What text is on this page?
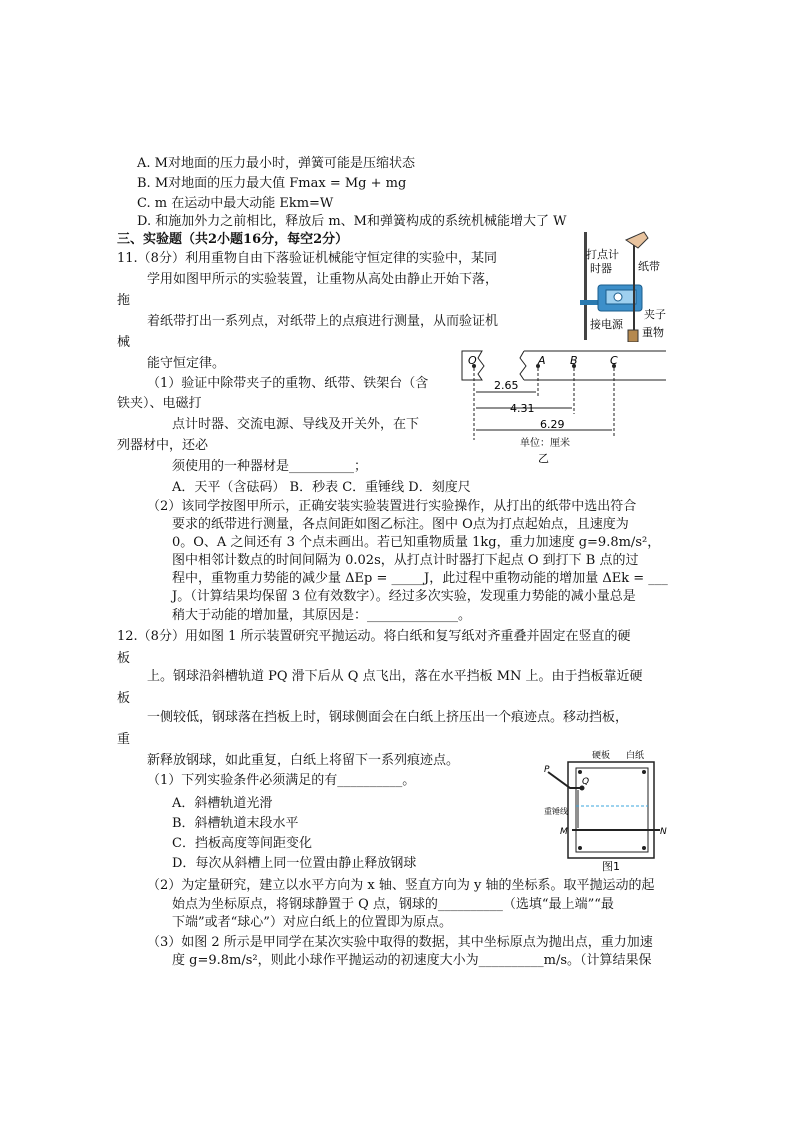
A. M对地面的压力最小时，弹簧可能是压缩状态
B. M对地面的压力最大值 Fmax = Mg + mg
C. m 在运动中最大动能 Ekm=W
D. 和施加外力之前相比，释放后 m、M和弹簧构成的系统机械能增大了 W
三、实验题（共2小题16分，每空2分）
11.（8分）利用重物自由下落验证机械能守恒定律的实验中，某同
学用如图甲所示的实验装置，让重物从高处由静止开始下落，
拖
着纸带打出一系列点，对纸带上的点痕进行测量，从而验证机
械
能守恒定律。
（1）验证中除带夹子的重物、纸带、铁架台（含
铁夹）、电磁打
点计时器、交流电源、导线及开关外，在下
列器材中，还必
须使用的一种器材是__________；
A．天平（含砝码） B．秒表 C．重锤线 D．刻度尺
（2）该同学按图甲所示，正确安装实验装置进行实验操作，从打出的纸带中选出符合
要求的纸带进行测量，各点间距如图乙标注。图中 O点为打点起始点，且速度为
0。O、A 之间还有 3 个点未画出。若已知重物质量 1kg，重力加速度 g=9.8m/s²，
图中相邻计数点的时间间隔为 0.02s，从打点计时器打下起点 O 到打下 B 点的过
程中，重物重力势能的减少量 ΔEp = _____J，此过程中重物动能的增加量 ΔEk = ___
J。（计算结果均保留 3 位有效数字）。经过多次实验，发现重力势能的减小量总是
稍大于动能的增加量，其原因是：______________。
打点计
时器 纸带
夹子
接电源
重物
O	A B	C
2.65
4.31
6.29
单位：厘米
乙
12.（8分）用如图 1 所示装置研究平抛运动。将白纸和复写纸对齐重叠并固定在竖直的硬
板
上。钢球沿斜槽轨道 PQ 滑下后从 Q 点飞出，落在水平挡板 MN 上。由于挡板靠近硬
板
一侧较低，钢球落在挡板上时，钢球侧面会在白纸上挤压出一个痕迹点。移动挡板，
重
新释放钢球，如此重复，白纸上将留下一系列痕迹点。
（1）下列实验条件必须满足的有__________。
A．斜槽轨道光滑
B．斜槽轨道末段水平
C．挡板高度等间距变化
D．每次从斜槽上同一位置由静止释放钢球
（2）为定量研究，建立以水平方向为 x 轴、竖直方向为 y 轴的坐标系。取平抛运动的起
始点为坐标原点，将钢球静置于 Q 点，钢球的__________（选填“最上端”“最
下端”或者“球心”）对应白纸上的位置即为原点。
（3）如图 2 所示是甲同学在某次实验中取得的数据，其中坐标原点为抛出点，重力加速
度 g=9.8m/s²，则此小球作平抛运动的初速度大小为__________m/s。（计算结果保
硬板 白纸
P
Q
重锤线
M	N
图1
